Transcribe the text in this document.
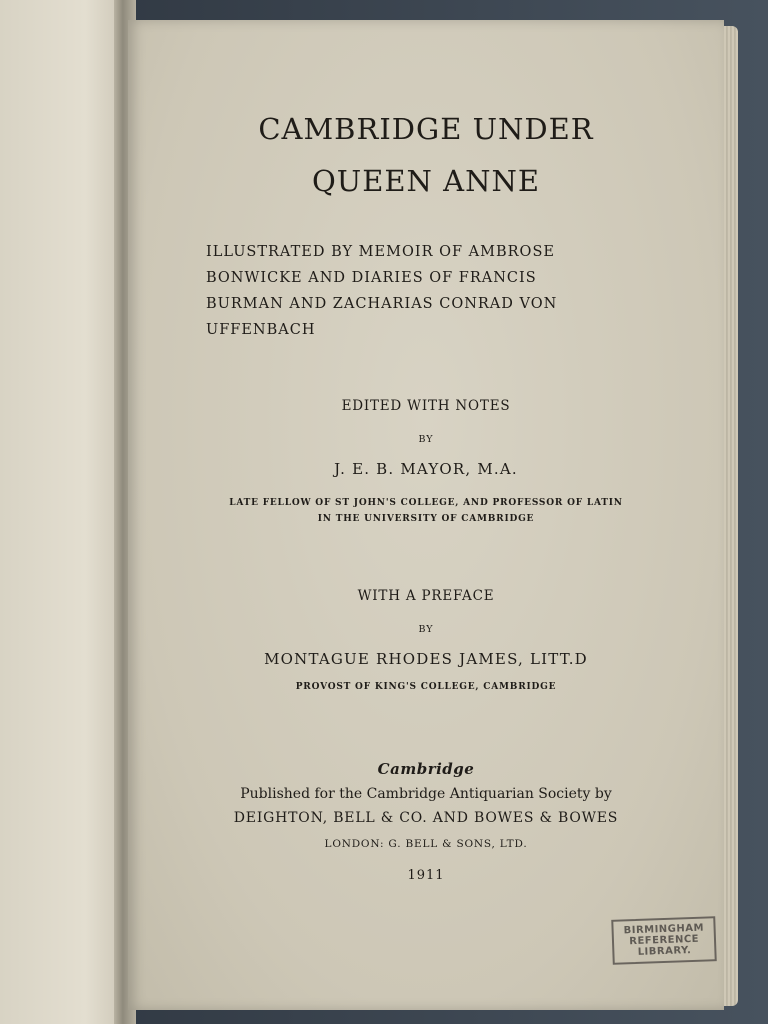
CAMBRIDGE UNDER

QUEEN ANNE

ILLUSTRATED BY MEMOIR OF AMBROSE

BONWICKE AND DIARIES OF FRANCIS

BURMAN AND ZACHARIAS CONRAD VON

UFFENBACH

EDITED WITH NOTES

BY

J. E. B. MAYOR, M.A.

LATE FELLOW OF ST JOHN'S COLLEGE, AND PROFESSOR OF LATIN

IN THE UNIVERSITY OF CAMBRIDGE

WITH A PREFACE

BY

MONTAGUE RHODES JAMES, LITT.D

PROVOST OF KING'S COLLEGE, CAMBRIDGE

Cambridge

Published for the Cambridge Antiquarian Society by

DEIGHTON, BELL & CO. AND BOWES & BOWES

LONDON: G. BELL & SONS, LTD.

1911

BIRMINGHAM
REFERENCE
LIBRARY.
